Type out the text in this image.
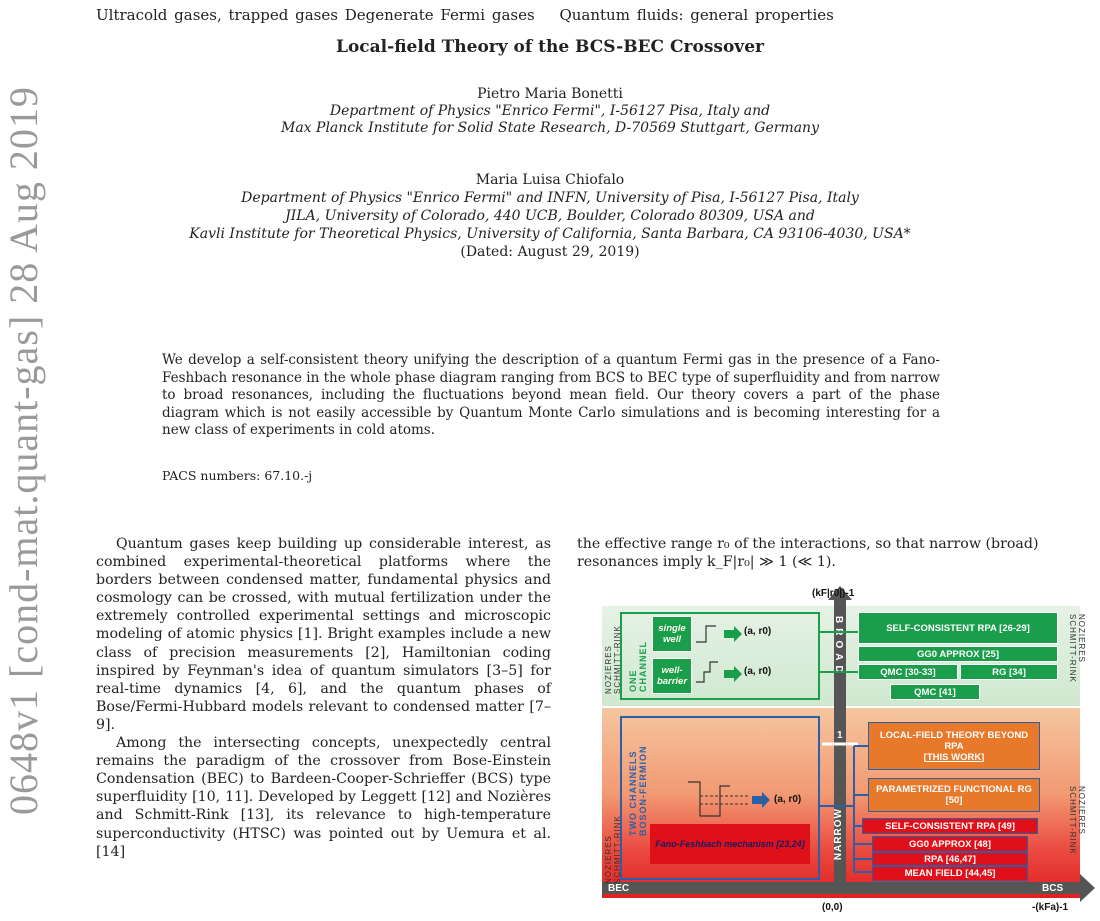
0648v1 [cond-mat.quant-gas] 28 Aug 2019
Ultracold gases, trapped gases Degenerate Fermi gases Quantum fluids: general properties
Local-field Theory of the BCS-BEC Crossover
Pietro Maria Bonetti
Department of Physics "Enrico Fermi", I-56127 Pisa, Italy and
Max Planck Institute for Solid State Research, D-70569 Stuttgart, Germany
Maria Luisa Chiofalo
Department of Physics "Enrico Fermi" and INFN, University of Pisa, I-56127 Pisa, Italy
JILA, University of Colorado, 440 UCB, Boulder, Colorado 80309, USA and
Kavli Institute for Theoretical Physics, University of California, Santa Barbara, CA 93106-4030, USA*
(Dated: August 29, 2019)
We develop a self-consistent theory unifying the description of a quantum Fermi gas in the presence of a Fano-Feshbach resonance in the whole phase diagram ranging from BCS to BEC type of superfluidity and from narrow to broad resonances, including the fluctuations beyond mean field. Our theory covers a part of the phase diagram which is not easily accessible by Quantum Monte Carlo simulations and is becoming interesting for a new class of experiments in cold atoms.
PACS numbers: 67.10.-j

Quantum gases keep building up considerable interest, as combined experimental-theoretical platforms where the borders between condensed matter, fundamental physics and cosmology can be crossed, with mutual fertilization under the extremely controlled experimental settings and microscopic modeling of atomic physics [1]. Bright examples include a new class of precision measurements [2], Hamiltonian coding inspired by Feynman's idea of quantum simulators [3–5] for real-time dynamics [4, 6], and the quantum phases of Bose/Fermi-Hubbard models relevant to condensed matter [7–9].

Among the intersecting concepts, unexpectedly central remains the paradigm of the crossover from Bose-Einstein Condensation (BEC) to Bardeen-Cooper-Schrieffer (BCS) type superfluidity [10, 11]. Developed by Leggett [12] and Nozières and Schmitt-Rink [13], its relevance to high-temperature superconductivity (HTSC) was pointed out by Uemura et al. [14]

the effective range r₀ of the interactions, so that narrow (broad) resonances imply k_F|r₀| ≫ 1 (≪ 1).
(kF|r0|)-1
BEC	BCS
(0,0)	-(kFa)-1
1
BROAD
NARROW
NOZIERES SCHMITT-RINK
NOZIERES SCHMITT-RINK
NOZIERES SCHMITT-RINK
NOZIERES SCHMITT-RINK
ONE CHANNEL
single well
well-barrier
(a, r0)
(a, r0)
TWO CHANNELS BOSON-FERMION	(a, r0)
Fano-Feshbach mechanism [23,24]
SELF-CONSISTENT RPA [26-29]
GG0 APPROX [25]
QMC [30-33]	RG [34]
QMC [41]
LOCAL-FIELD THEORY BEYOND RPA
[THIS WORK]
PARAMETRIZED FUNCTIONAL RG [50]
SELF-CONSISTENT RPA [49]
GG0 APPROX [48]
RPA [46,47]
MEAN FIELD [44,45]
